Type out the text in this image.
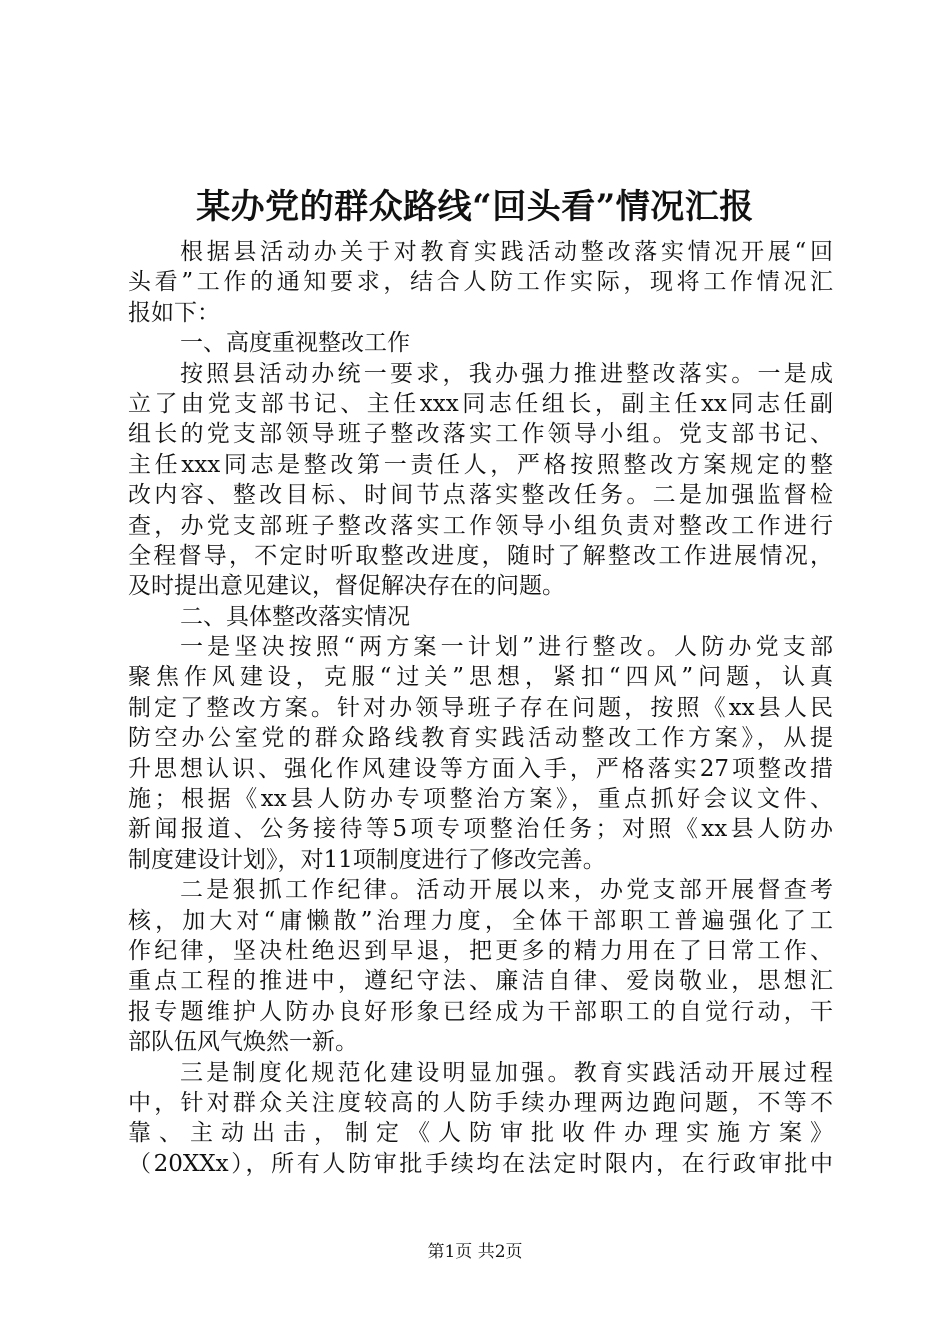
某办党的群众路线“回头看”情况汇报
根据县活动办关于对教育实践活动整改落实情况开展“回
头看”工作的通知要求，结合人防工作实际，现将工作情况汇
报如下：
一、高度重视整改工作
按照县活动办统一要求，我办强力推进整改落实。一是成
立了由党支部书记、主任xxx同志任组长，副主任xx同志任副
组长的党支部领导班子整改落实工作领导小组。党支部书记、
主任xxx同志是整改第一责任人，严格按照整改方案规定的整
改内容、整改目标、时间节点落实整改任务。二是加强监督检
查，办党支部班子整改落实工作领导小组负责对整改工作进行
全程督导，不定时听取整改进度，随时了解整改工作进展情况，
及时提出意见建议，督促解决存在的问题。
二、具体整改落实情况
一是坚决按照“两方案一计划”进行整改。人防办党支部
聚焦作风建设，克服“过关”思想，紧扣“四风”问题，认真
制定了整改方案。针对办领导班子存在问题，按照《xx县人民
防空办公室党的群众路线教育实践活动整改工作方案》，从提
升思想认识、强化作风建设等方面入手，严格落实27项整改措
施；根据《xx县人防办专项整治方案》，重点抓好会议文件、
新闻报道、公务接待等5项专项整治任务；对照《xx县人防办
制度建设计划》，对11项制度进行了修改完善。
二是狠抓工作纪律。活动开展以来，办党支部开展督查考
核，加大对“庸懒散”治理力度，全体干部职工普遍强化了工
作纪律，坚决杜绝迟到早退，把更多的精力用在了日常工作、
重点工程的推进中，遵纪守法、廉洁自律、爱岗敬业，思想汇
报专题维护人防办良好形象已经成为干部职工的自觉行动，干
部队伍风气焕然一新。
三是制度化规范化建设明显加强。教育实践活动开展过程
中，针对群众关注度较高的人防手续办理两边跑问题，不等不
靠、主动出击，制定《人防审批收件办理实施方案》
（20XXx），所有人防审批手续均在法定时限内，在行政审批中
第1页 共2页
